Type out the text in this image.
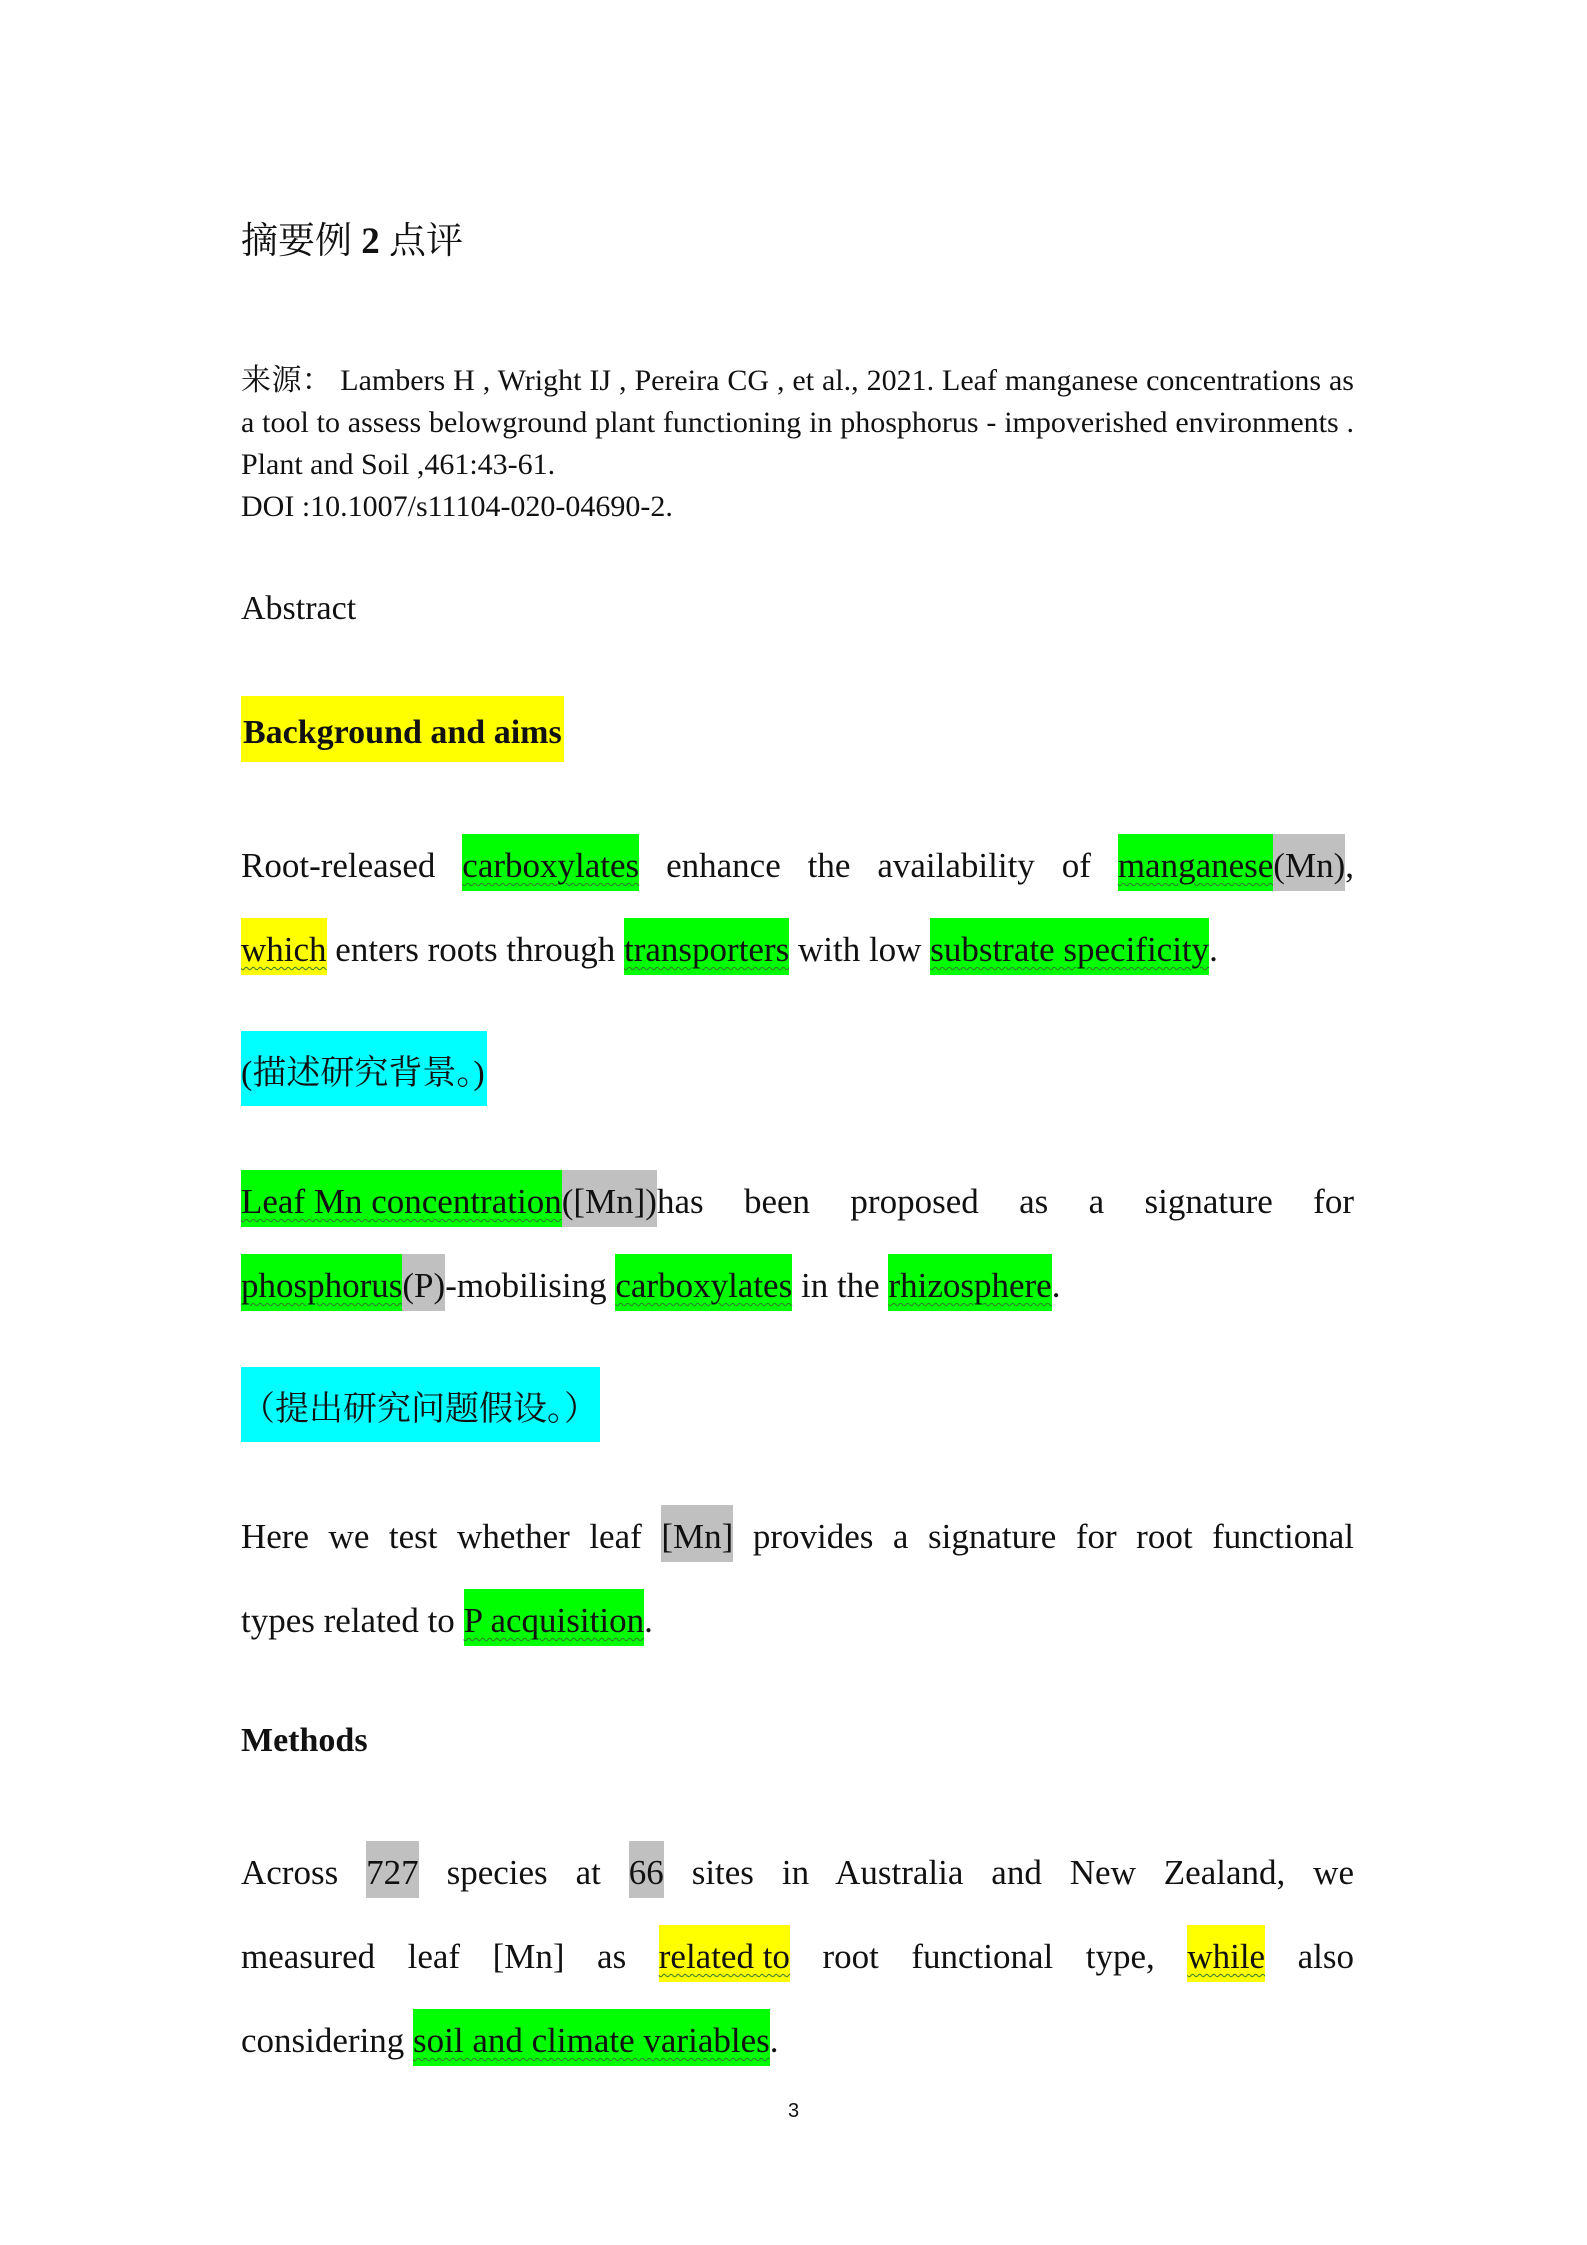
摘要例 2 点评
来源： Lambers H , Wright IJ , Pereira CG , et al., 2021. Leaf manganese concentrations as a tool to assess belowground plant functioning in phosphorus - impoverished environments . Plant and Soil ,461:43-61.
DOI :10.1007/s11104-020-04690-2.
Abstract
Background and aims

Root-released carboxylates enhance the availability of manganese(Mn),

which enters roots through transporters with low substrate specificity.

(描述研究背景。)

Leaf Mn concentration([Mn])has been proposed as a signature for

phosphorus(P)-mobilising carboxylates in the rhizosphere.

（提出研究问题假设。）

Here we test whether leaf [Mn] provides a signature for root functional

types related to P acquisition.

Methods

Across 727 species at 66 sites in Australia and New Zealand, we

measured leaf [Mn] as related to root functional type, while also

considering soil and climate variables.

3
